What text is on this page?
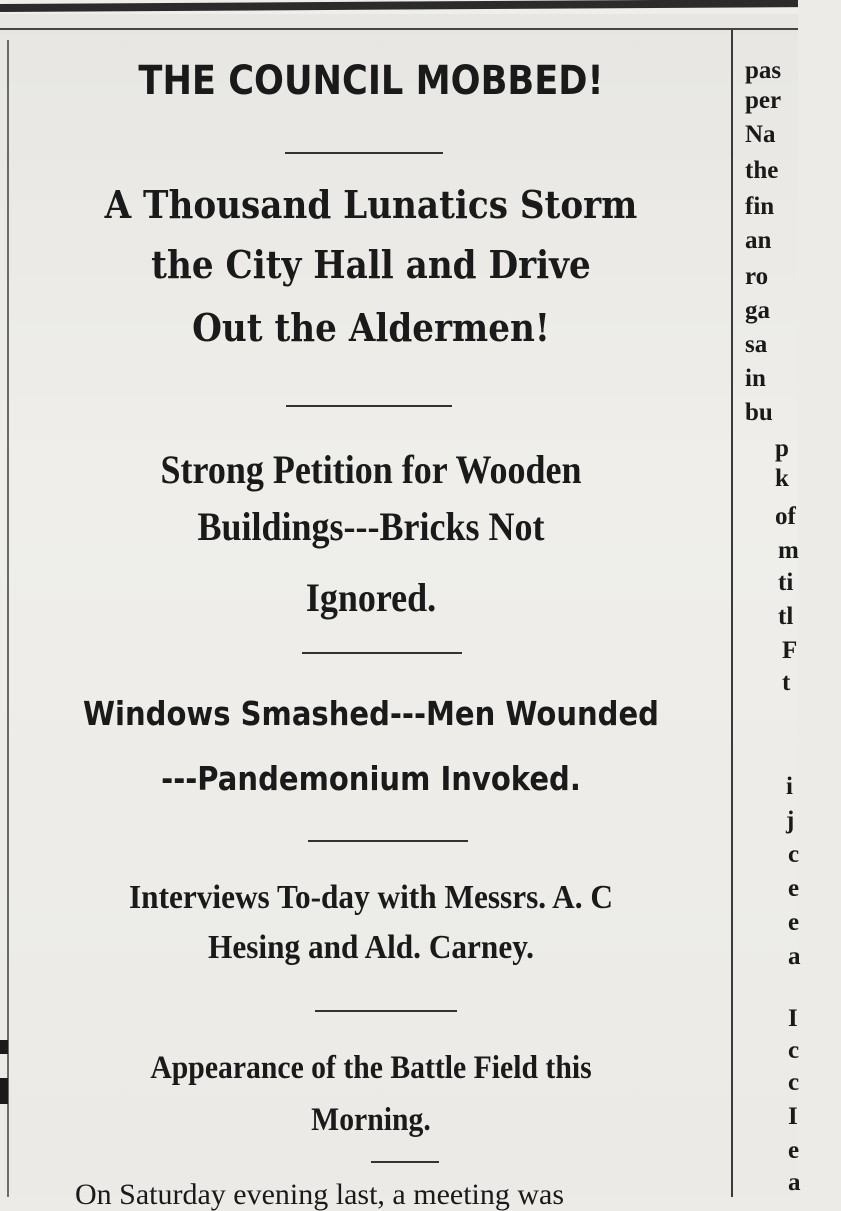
THE COUNCIL MOBBED!
A Thousand Lunatics Storm
the City Hall and Drive
Out the Aldermen!
Strong Petition for Wooden
Buildings---Bricks Not
Ignored.
Windows Smashed---Men Wounded
---Pandemonium Invoked.
Interviews To-day with Messrs. A. C
Hesing and Ald. Carney.
Appearance of the Battle Field this
Morning.
On Saturday evening last, a meeting was
pas
per
Na
the
fin
an
ro
ga
sa
in
bu
p
k
of
m
ti
tl
F
t
i
j
c
e
e
a
I
c
c
I
e
a
